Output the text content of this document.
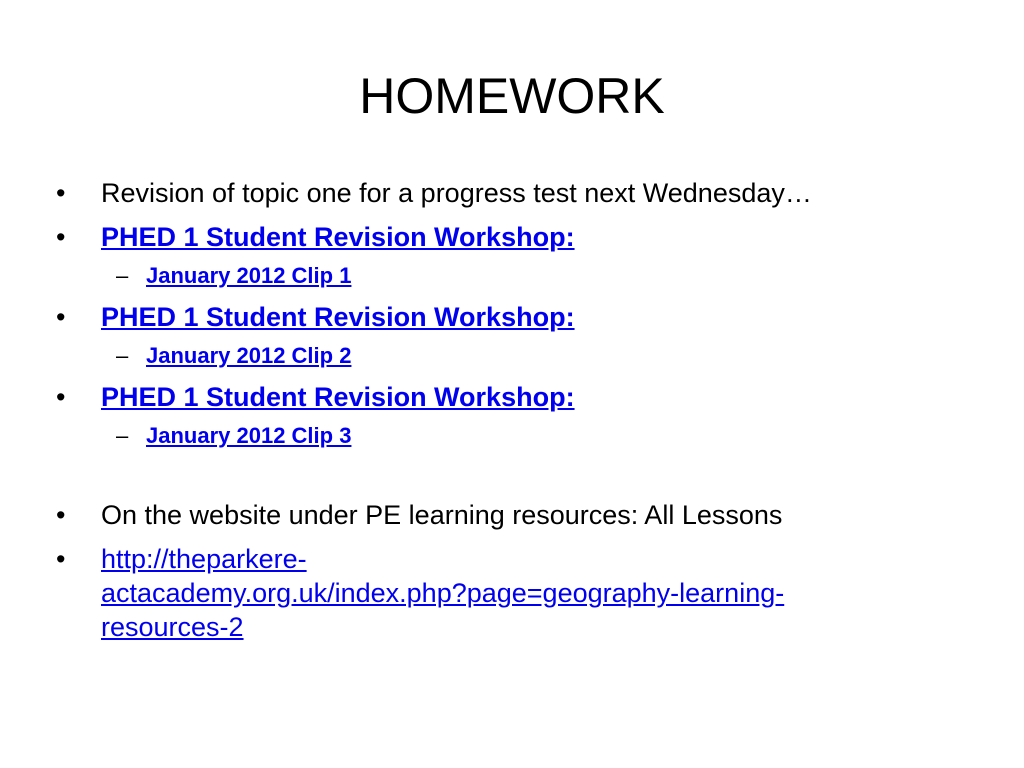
HOMEWORK
•	Revision of topic one for a progress test next Wednesday…
•	PHED 1 Student Revision Workshop:
– January 2012 Clip 1
•	PHED 1 Student Revision Workshop:
– January 2012 Clip 2
•	PHED 1 Student Revision Workshop:
– January 2012 Clip 3
•	On the website under PE learning resources: All Lessons
•	http://theparkere-
actacademy.org.uk/index.php?page=geography-learning-
resources-2
